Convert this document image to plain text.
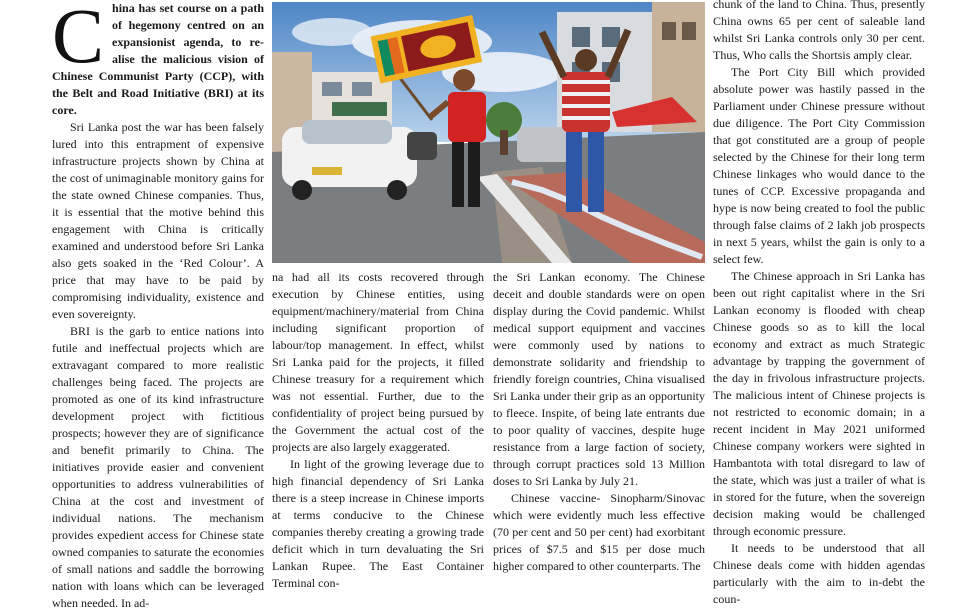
China has set course on a path of hegemony centred on an expansionist agenda, to realise the malicious vision of Chinese Communist Party (CCP), with the Belt and Road Initiative (BRI) at its core.

Sri Lanka post the war has been falsely lured into this entrapment of expensive infrastructure projects shown by China at the cost of unimaginable monitory gains for the state owned Chinese companies. Thus, it is essential that the motive behind this engagement with China is critically examined and understood before Sri Lanka also gets soaked in the ‘Red Colour’. A price that may have to be paid by compromising individuality, existence and even sovereignty.

BRI is the garb to entice nations into futile and ineffectual projects which are extravagant compared to more realistic challenges being faced. The projects are promoted as one of its kind infrastructure development project with fictitious prospects; however they are of significance and benefit primarily to China. The initiatives provide easier and convenient opportunities to address vulnerabilities of China at the cost and investment of individual nations. The mechanism provides expedient access for Chinese state owned companies to saturate the economies of small nations and saddle the borrowing nation with loans which can be leveraged when needed. In ad-

na had all its costs recovered through execution by Chinese entities, using equipment/machinery/material from China including significant proportion of labour/top management. In effect, whilst Sri Lanka paid for the projects, it filled Chinese treasury for a requirement which was not essential. Further, due to the confidentiality of project being pursued by the Government the actual cost of the projects are also largely exaggerated.

In light of the growing leverage due to high financial dependency of Sri Lanka there is a steep increase in Chinese imports at terms conducive to the Chinese companies thereby creating a growing trade deficit which in turn devaluating the Sri Lankan Rupee. The East Container Terminal con-

the Sri Lankan economy. The Chinese deceit and double standards were on open display during the Covid pandemic. Whilst medical support equipment and vaccines were commonly used by nations to demonstrate solidarity and friendship to friendly foreign countries, China visualised Sri Lanka under their grip as an opportunity to fleece. Inspite, of being late entrants due to poor quality of vaccines, despite huge resistance from a large faction of society, through corrupt practices sold 13 Million doses to Sri Lanka by July 21.

Chinese vaccine- Sinopharm/Sinovac which were evidently much less effective (70 per cent and 50 per cent) had exorbitant prices of $7.5 and $15 per dose much higher compared to other counterparts. The

chunk of the land to China. Thus, presently China owns 65 per cent of saleable land whilst Sri Lanka controls only 30 per cent. Thus, Who calls the Shortsis amply clear.

The Port City Bill which provided absolute power was hastily passed in the Parliament under Chinese pressure without due diligence. The Port City Commission that got constituted are a group of people selected by the Chinese for their long term Chinese linkages who would dance to the tunes of CCP. Excessive propaganda and hype is now being created to fool the public through false claims of 2 lakh job prospects in next 5 years, whilst the gain is only to a select few.

The Chinese approach in Sri Lanka has been out right capitalist where in the Sri Lankan economy is flooded with cheap Chinese goods so as to kill the local economy and extract as much Strategic advantage by trapping the government of the day in frivolous infrastructure projects. The malicious intent of Chinese projects is not restricted to economic domain; in a recent incident in May 2021 uniformed Chinese company workers were sighted in Hambantota with total disregard to law of the state, which was just a trailer of what is in stored for the future, when the sovereign decision making would be challenged through economic pressure.

It needs to be understood that all Chinese deals come with hidden agendas particularly with the aim to in-debt the coun-
